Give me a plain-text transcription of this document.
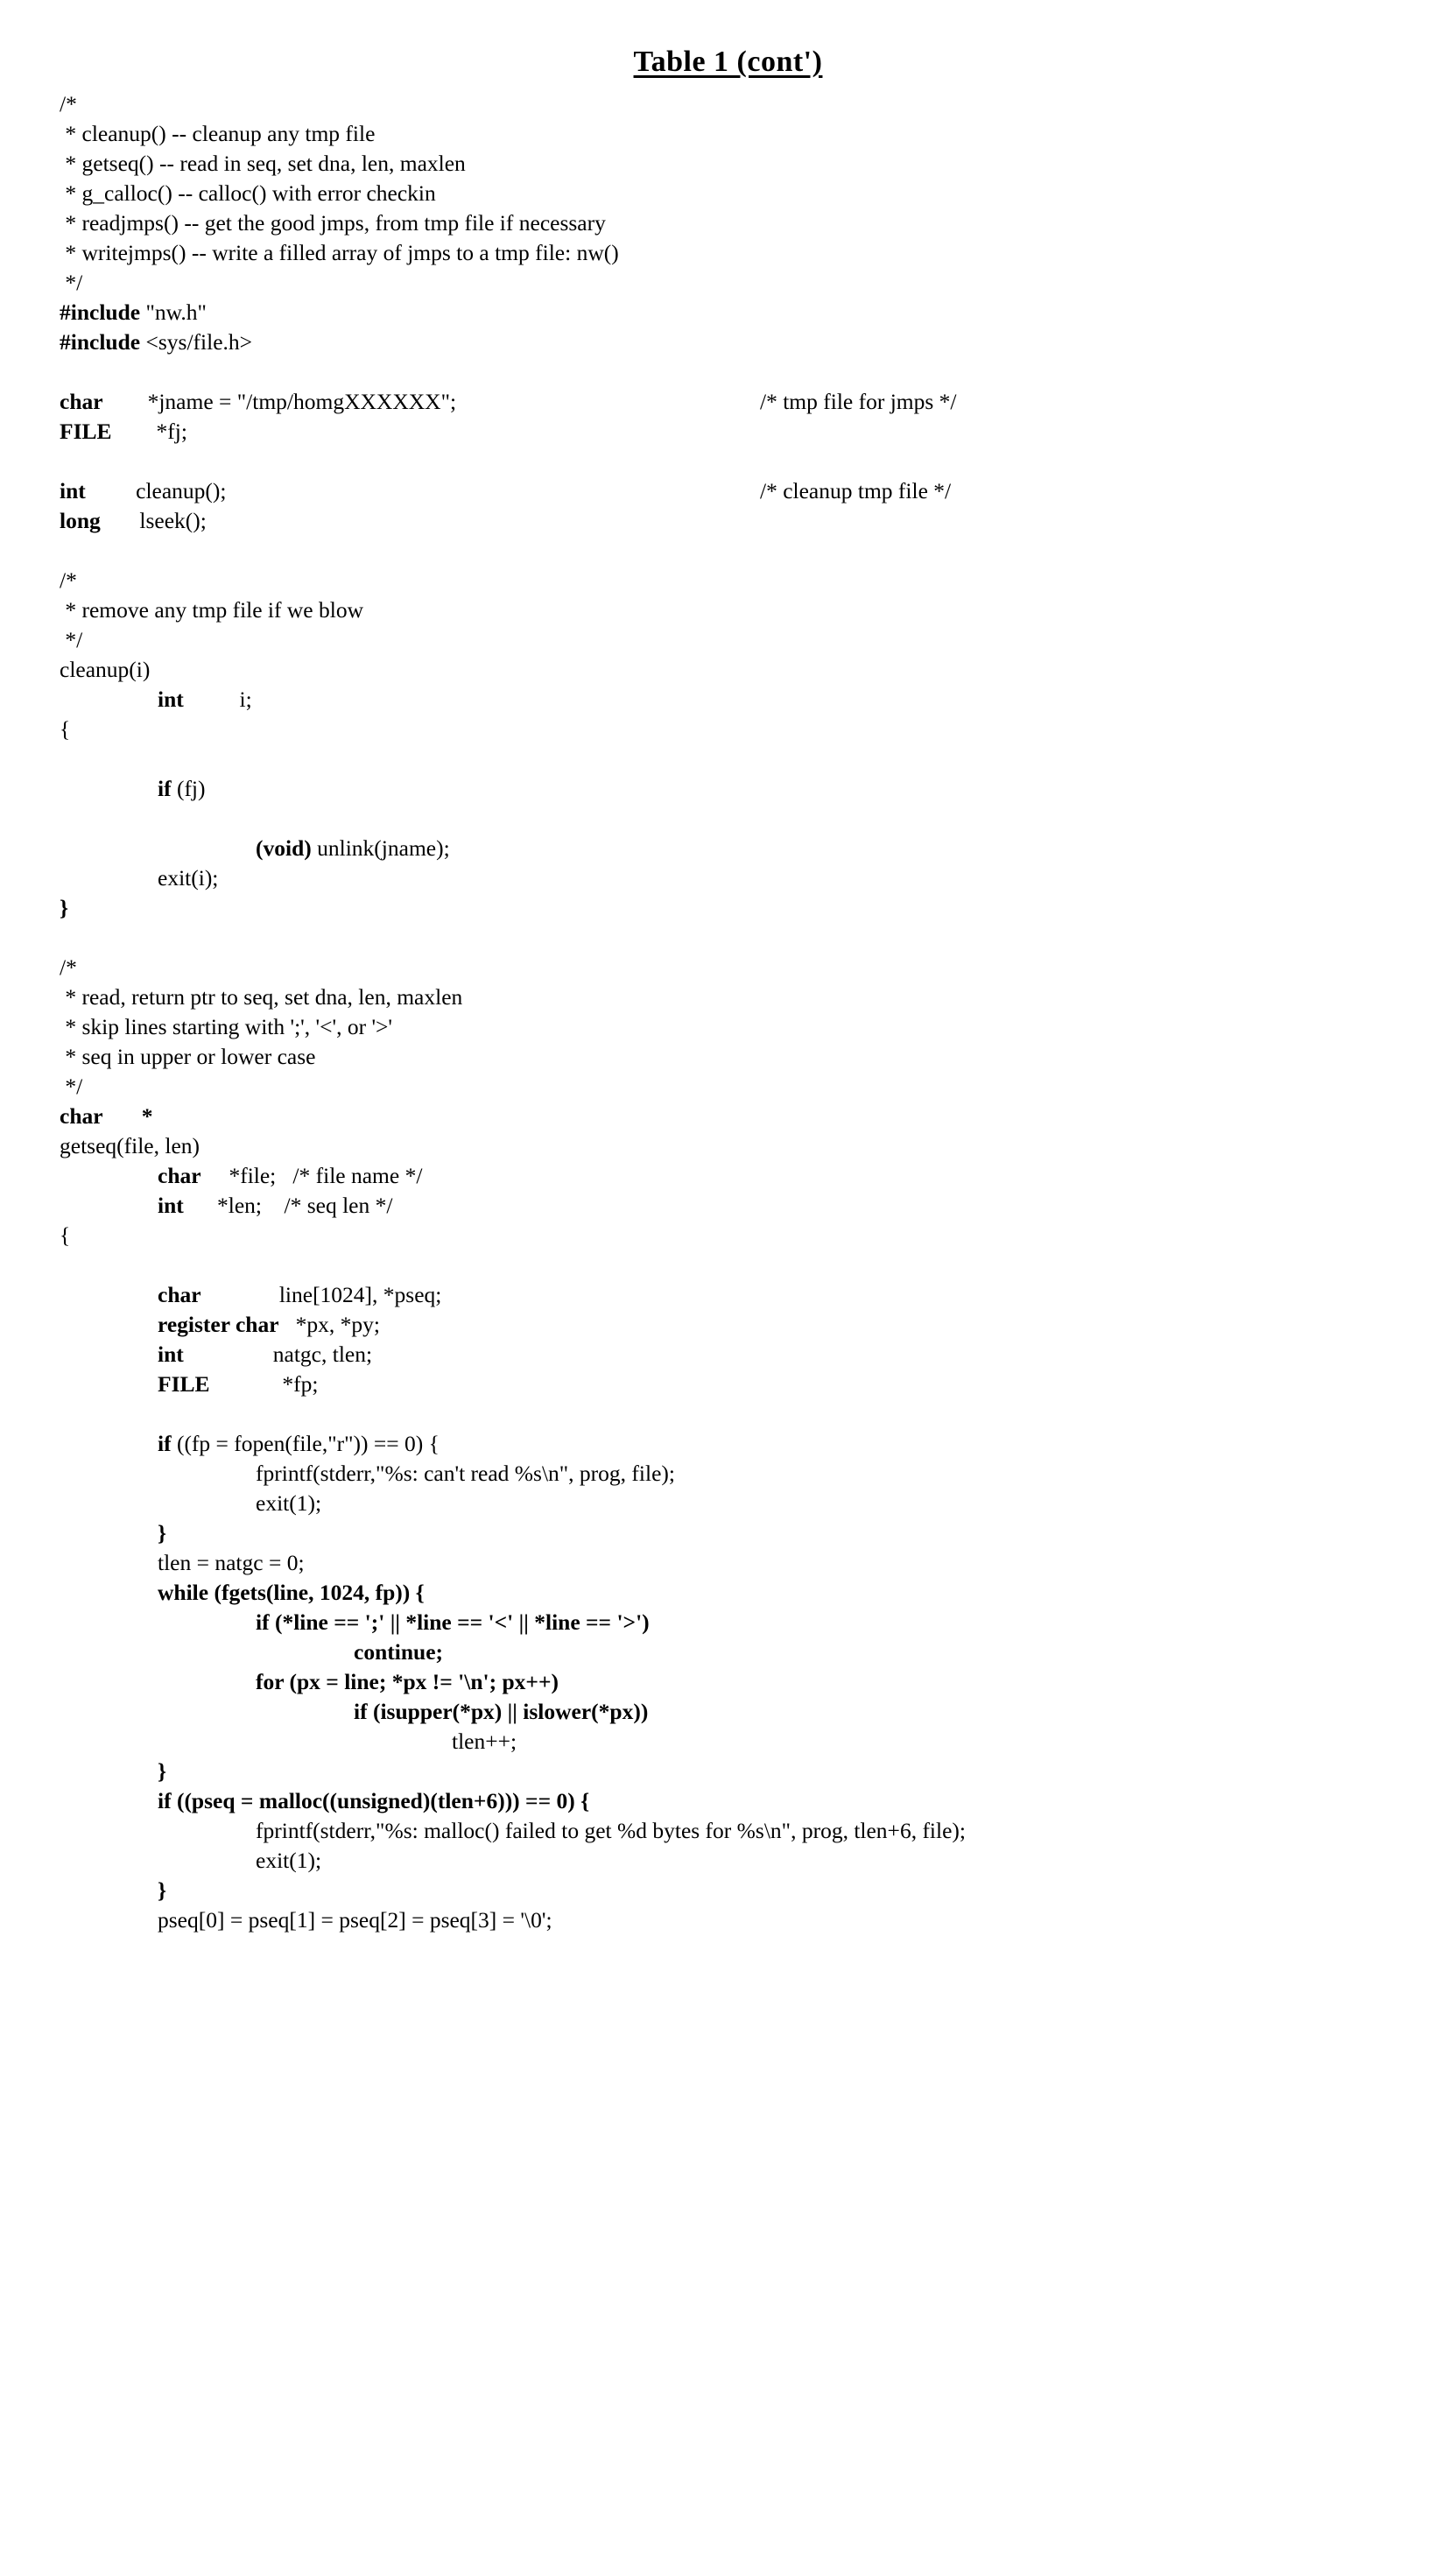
Table 1 (cont')
/*
* cleanup() -- cleanup any tmp file
* getseq() -- read in seq, set dna, len, maxlen
* g_calloc() -- calloc() with error checkin
* readjmps() -- get the good jmps, from tmp file if necessary
* writejmps() -- write a filled array of jmps to a tmp file: nw()
*/
#include "nw.h"
#include <sys/file.h>
char        *jname = "/tmp/homgXXXXXX";	/* tmp file for jmps */
FILE        *fj;
int         cleanup();	/* cleanup tmp file */
long       lseek();
/*
* remove any tmp file if we blow
*/
cleanup(i)
int          i;
{
if (fj)
(void) unlink(jname);
exit(i);
}
/*
* read, return ptr to seq, set dna, len, maxlen
* skip lines starting with ';', '<', or '>'
* seq in upper or lower case
*/
char       *
getseq(file, len)
char     *file;   /* file name */
int      *len;    /* seq len */
{
char              line[1024], *pseq;
register char   *px, *py;
int                natgc, tlen;
FILE             *fp;
if ((fp = fopen(file,"r")) == 0) {
fprintf(stderr,"%s: can't read %s\n", prog, file);
exit(1);
}
tlen = natgc = 0;
while (fgets(line, 1024, fp)) {
if (*line == ';' || *line == '<' || *line == '>')
continue;
for (px = line; *px != '\n'; px++)
if (isupper(*px) || islower(*px))
tlen++;
}
if ((pseq = malloc((unsigned)(tlen+6))) == 0) {
fprintf(stderr,"%s: malloc() failed to get %d bytes for %s\n", prog, tlen+6, file);
exit(1);
}
pseq[0] = pseq[1] = pseq[2] = pseq[3] = '\0';
